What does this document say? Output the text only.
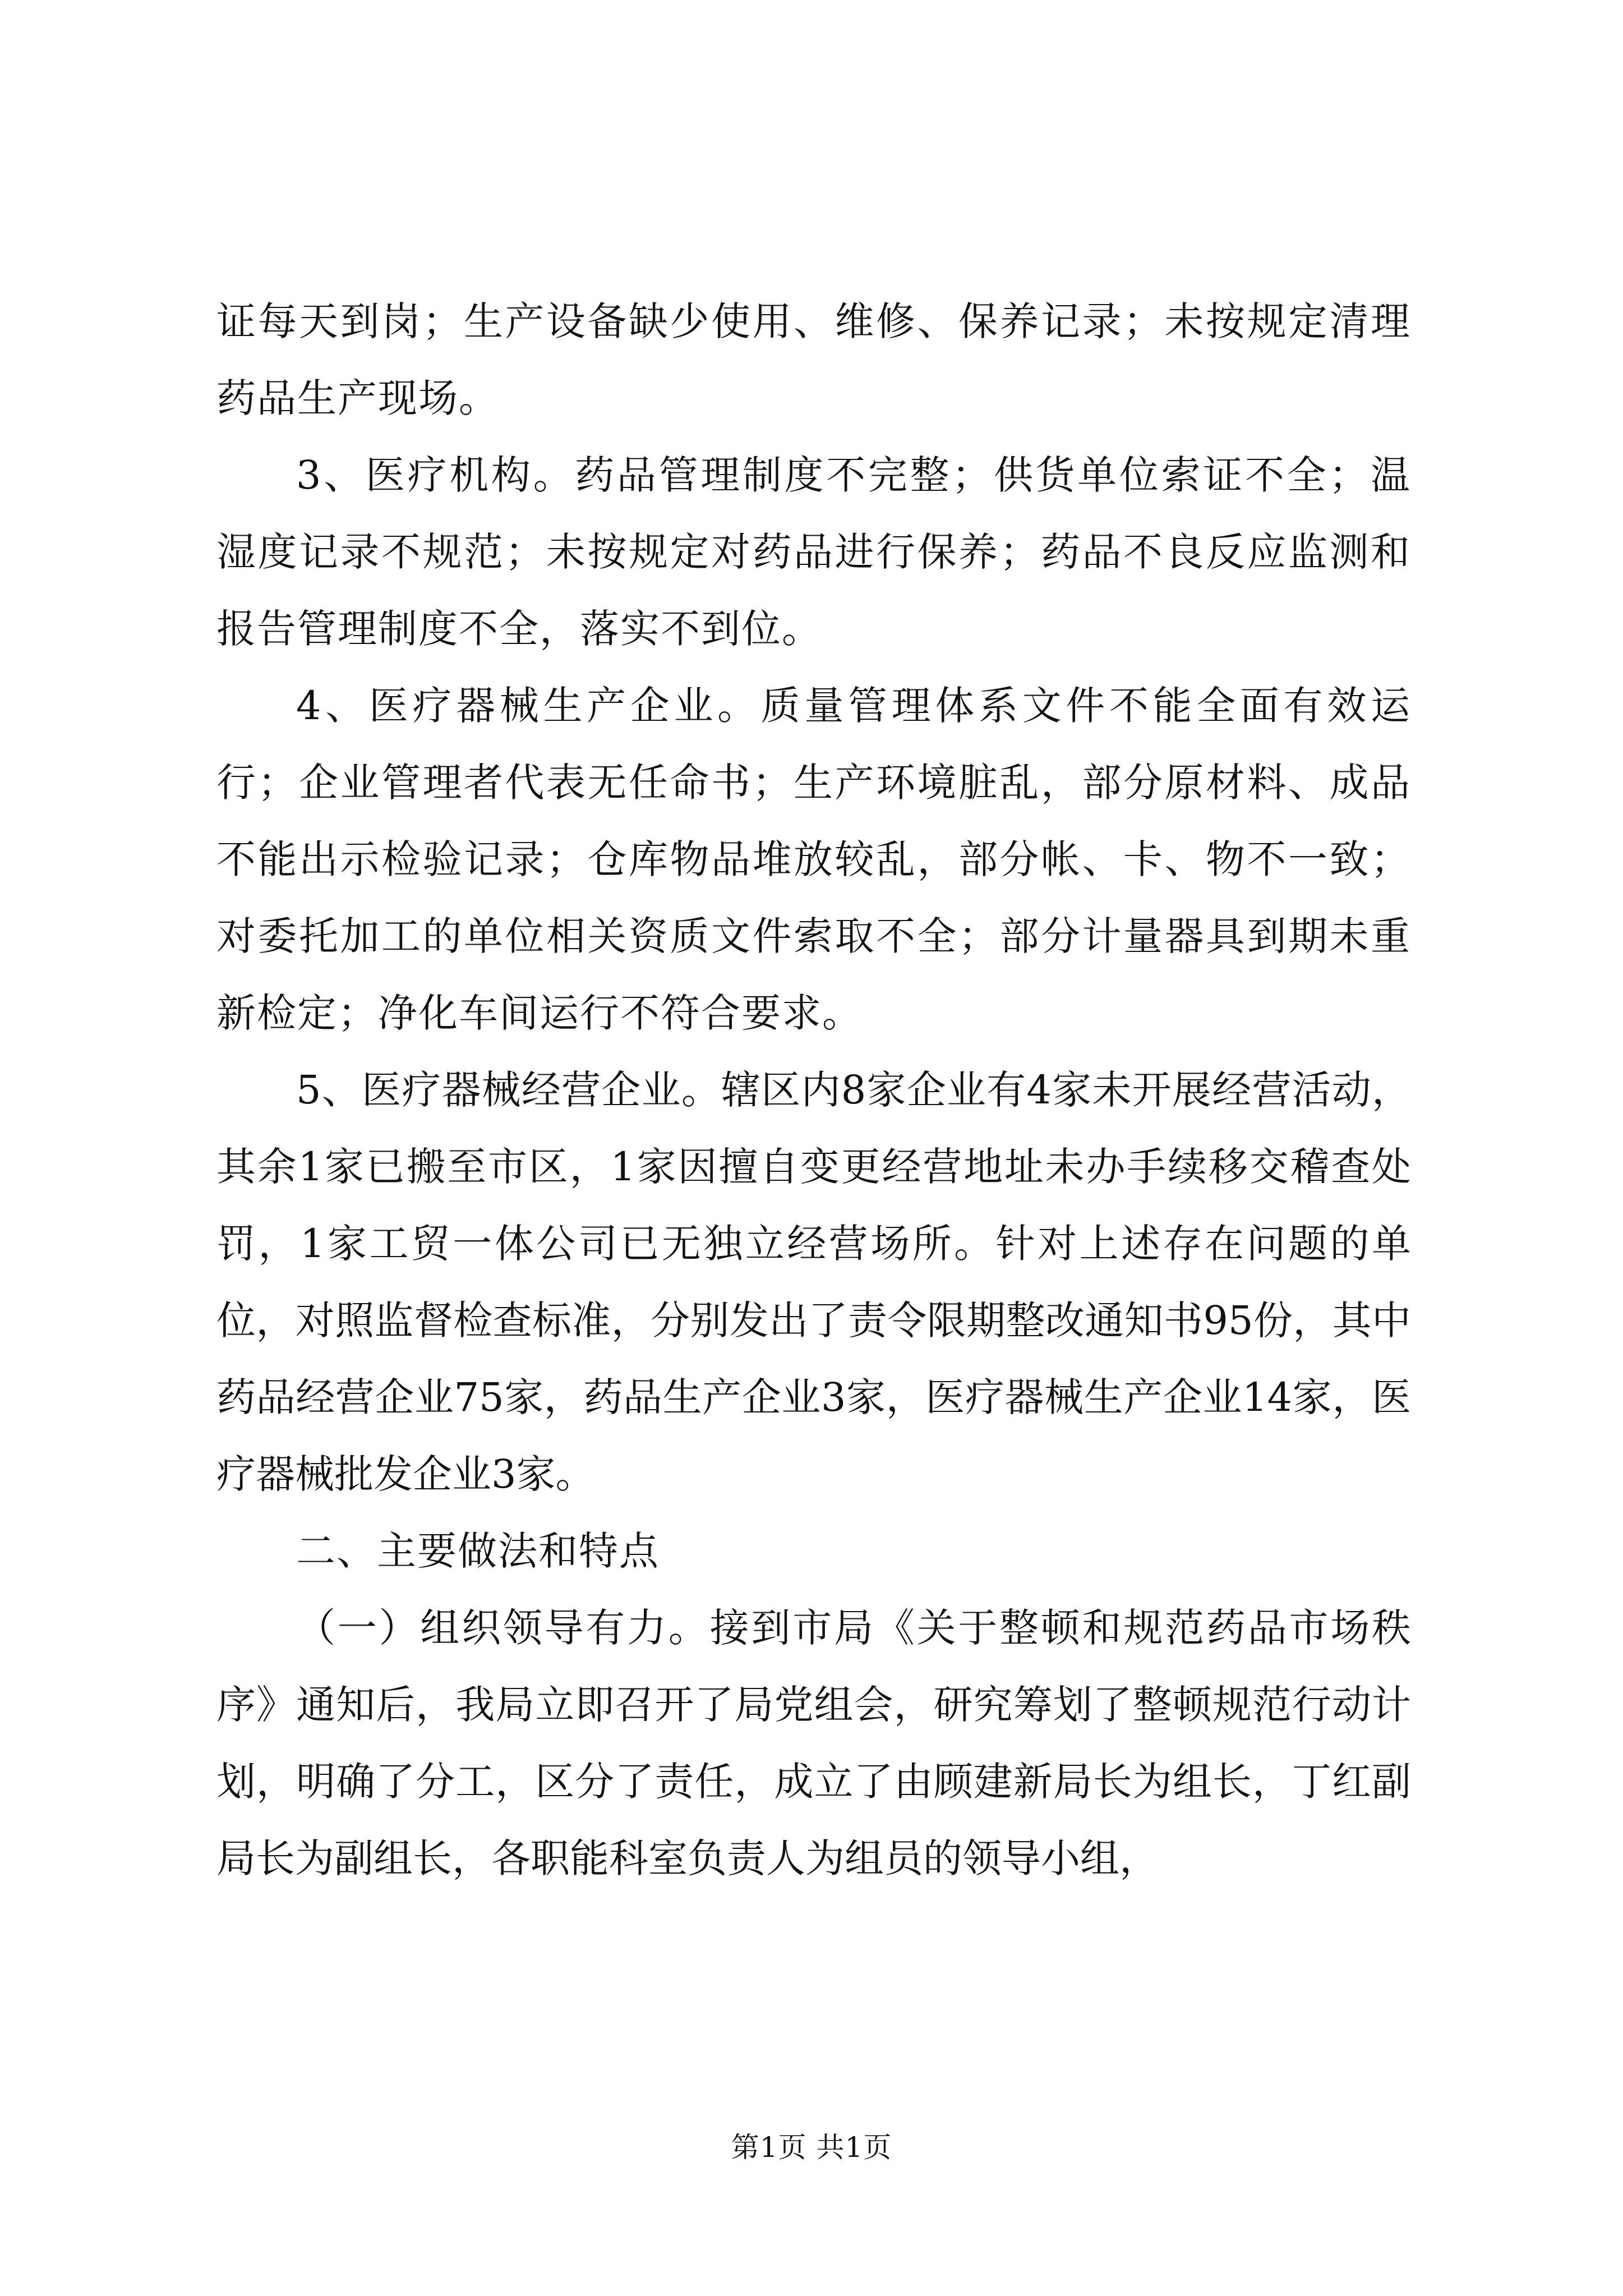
证每天到岗；生产设备缺少使用、维修、保养记录；未按规定清理药品生产现场。

3、医疗机构。药品管理制度不完整；供货单位索证不全；温湿度记录不规范；未按规定对药品进行保养；药品不良反应监测和报告管理制度不全，落实不到位。

4、医疗器械生产企业。质量管理体系文件不能全面有效运行；企业管理者代表无任命书；生产环境脏乱，部分原材料、成品不能出示检验记录；仓库物品堆放较乱，部分帐、卡、物不一致；对委托加工的单位相关资质文件索取不全；部分计量器具到期未重新检定；净化车间运行不符合要求。

5、医疗器械经营企业。辖区内8家企业有4家未开展经营活动，其余1家已搬至市区，1家因擅自变更经营地址未办手续移交稽查处罚，1家工贸一体公司已无独立经营场所。针对上述存在问题的单位，对照监督检查标准，分别发出了责令限期整改通知书95份，其中药品经营企业75家，药品生产企业3家，医疗器械生产企业14家，医疗器械批发企业3家。

二、主要做法和特点

（一）组织领导有力。接到市局《关于整顿和规范药品市场秩序》通知后，我局立即召开了局党组会，研究筹划了整顿规范行动计划，明确了分工，区分了责任，成立了由顾建新局长为组长，丁红副局长为副组长，各职能科室负责人为组员的领导小组，

第1页 共1页
